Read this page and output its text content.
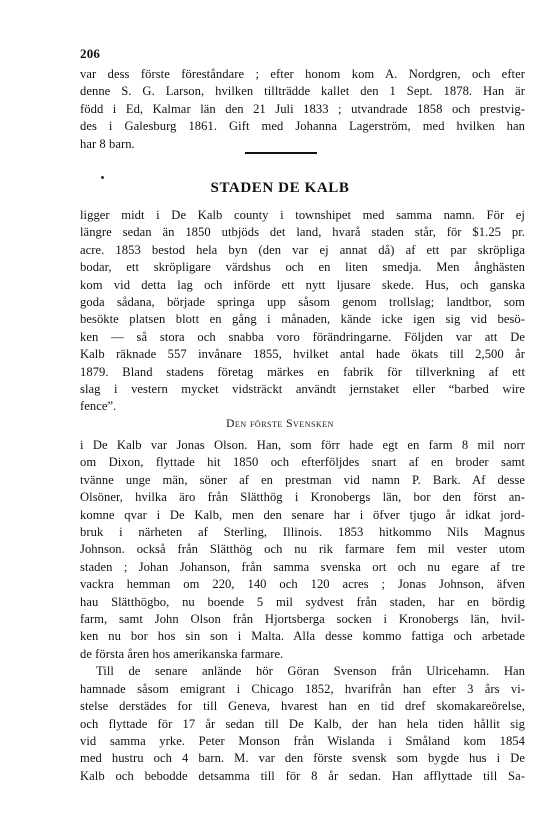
206
var dess förste föreståndare ; efter honom kom A. Nordgren, och efter
denne S. G. Larson, hvilken tillträdde kallet den 1 Sept. 1878. Han är
född i Ed, Kalmar län den 21 Juli 1833 ; utvandrade 1858 och prestvig-
des i Galesburg 1861. Gift med Johanna Lagerström, med hvilken han
har 8 barn.
STADEN DE KALB
ligger midt i De Kalb county i townshipet med samma namn. För ej
längre sedan än 1850 utbjöds det land, hvarå staden står, för $1.25 pr.
acre. 1853 bestod hela byn (den var ej annat då) af ett par skröpliga
bodar, ett skröpligare värdshus och en liten smedja. Men ånghästen
kom vid detta lag och införde ett nytt ljusare skede. Hus, och ganska
goda sådana, började springa upp såsom genom trollslag; landtbor, som
besökte platsen blott en gång i månaden, kände icke igen sig vid besö-
ken — så stora och snabba voro förändringarne. Följden var att De
Kalb räknade 557 invånare 1855, hvilket antal hade ökats till 2,500 år
1879. Bland stadens företag märkes en fabrik för tillverkning af ett
slag i vestern mycket vidsträckt användt jernstaket eller “barbed wire
fence”.
Den förste Svensken
i De Kalb var Jonas Olson. Han, som förr hade egt en farm 8 mil norr
om Dixon, flyttade hit 1850 och efterföljdes snart af en broder samt
tvänne unge män, söner af en prestman vid namn P. Bark. Af desse
Olsöner, hvilka äro från Slätthög i Kronobergs län, bor den först an-
komne qvar i De Kalb, men den senare har i öfver tjugo år idkat jord-
bruk i närheten af Sterling, Illinois. 1853 hitkommo Nils Magnus
Johnson. också från Slätthög och nu rik farmare fem mil vester utom
staden ; Johan Johanson, från samma svenska ort och nu egare af tre
vackra hemman om 220, 140 och 120 acres ; Jonas Johnson, äfven
hau Slätthögbo, nu boende 5 mil sydvest från staden, har en bördig
farm, samt John Olson från Hjortsberga socken i Kronobergs län, hvil-
ken nu bor hos sin son i Malta. Alla desse kommo fattiga och arbetade
de första åren hos amerikanska farmare.
Till de senare anlände hör Göran Svenson från Ulricehamn. Han
hamnade såsom emigrant i Chicago 1852, hvarifrån han efter 3 års vi-
stelse derstädes for till Geneva, hvarest han en tid dref skomakareörelse,
och flyttade för 17 år sedan till De Kalb, der han hela tiden hållit sig
vid samma yrke. Peter Monson från Wislanda i Småland kom 1854
med hustru och 4 barn. M. var den förste svensk som bygde hus i De
Kalb och bebodde detsamma till för 8 år sedan. Han afflyttade till Sa-
